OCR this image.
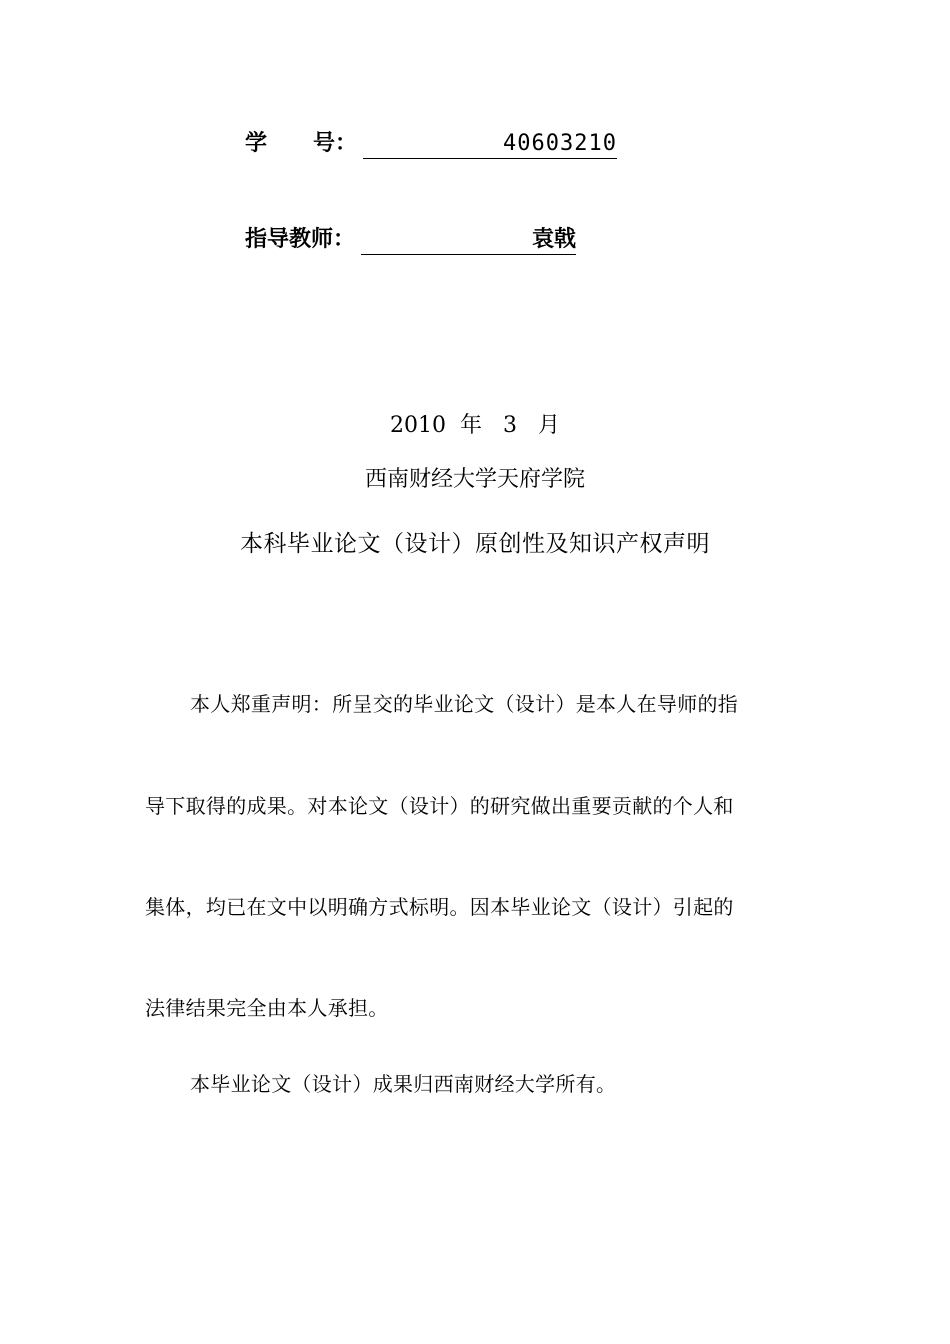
学      号：	40603210
指导教师：	袁戟
2010  年   3   月
西南财经大学天府学院
本科毕业论文（设计）原创性及知识产权声明
本人郑重声明：所呈交的毕业论文（设计）是本人在导师的指
导下取得的成果。对本论文（设计）的研究做出重要贡献的个人和
集体，均已在文中以明确方式标明。因本毕业论文（设计）引起的
法律结果完全由本人承担。
本毕业论文（设计）成果归西南财经大学所有。
